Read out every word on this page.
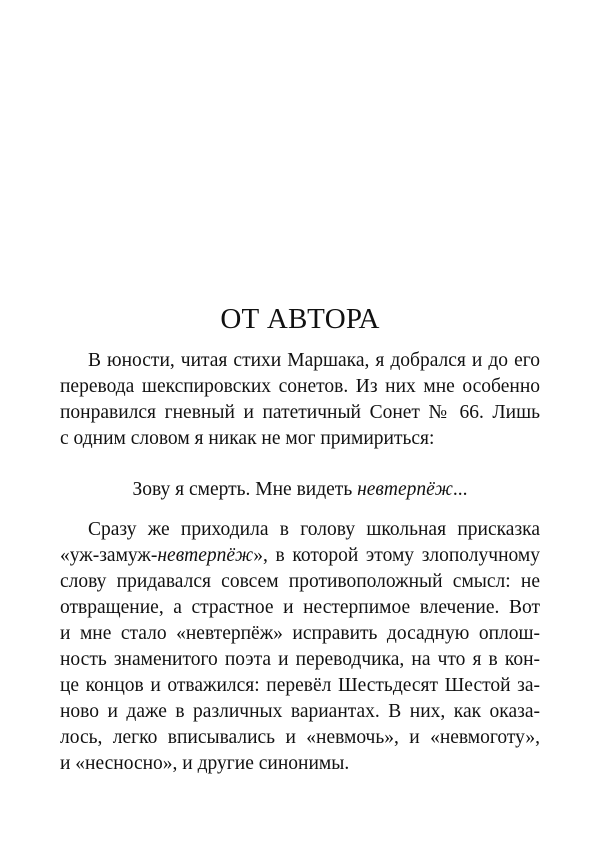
ОТ АВТОРА
В юности, читая стихи Маршака, я добрался и до его
перевода шекспировских сонетов. Из них мне особенно
понравился гневный и патетичный Сонет № 66. Лишь
с одним словом я никак не мог примириться:

Зову я смерть. Мне видеть невтерпёж...

Сразу же приходила в голову школьная присказка
«уж-замуж-невтерпёж», в которой этому злополучному
слову придавался совсем противоположный смысл: не
отвращение, а страстное и нестерпимое влечение. Вот
и мне стало «невтерпёж» исправить досадную оплош-
ность знаменитого поэта и переводчика, на что я в кон-
це концов и отважился: перевёл Шестьдесят Шестой за-
ново и даже в различных вариантах. В них, как оказа-
лось, легко вписывались и «невмочь», и «невмоготу»,
и «несносно», и другие синонимы.
